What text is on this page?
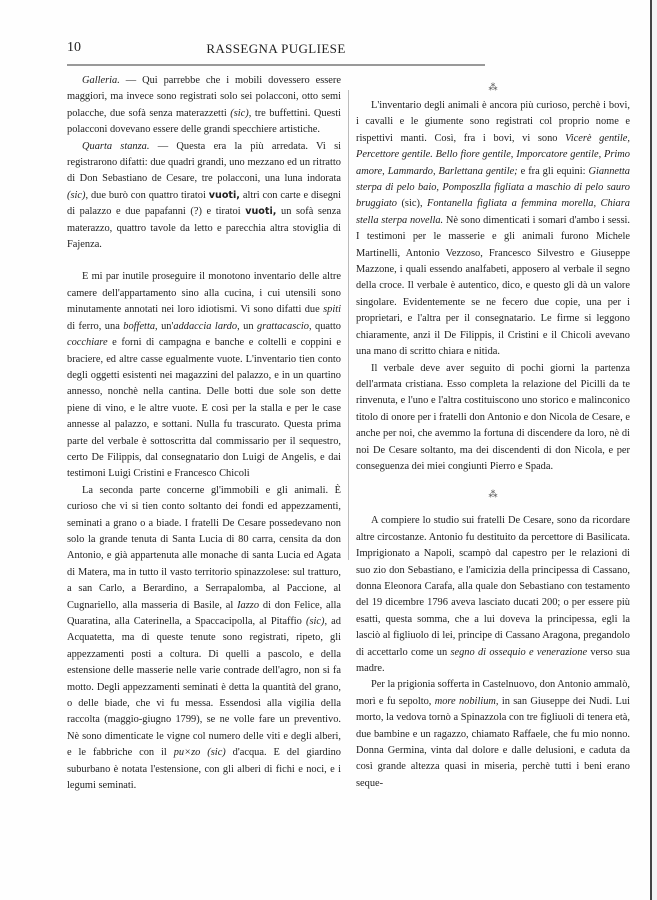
10	RASSEGNA PUGLIESE

Galleria. — Qui parrebbe che i mobili dovessero essere maggiori, ma invece sono registrati solo sei polacconi, otto semi polacche, due sofà senza materazzetti (sic), tre buffettini. Questi polacconi dovevano essere delle grandi specchiere artistiche.

Quarta stanza. — Questa era la più arredata. Vi si registrarono difatti: due quadri grandi, uno mezzano ed un ritratto di Don Sebastiano de Cesare, tre polacconi, una luna indorata (sic), due burò con quattro tiratoi vuoti, altri con carte e disegni di palazzo e due papafanni (?) e tiratoi vuoti, un sofà senza materazzo, quattro tavole da letto e parecchia altra stoviglia di Fajenza.

E mi par inutile proseguire il monotono inventario delle altre camere dell'appartamento sino alla cucina, i cui utensili sono minutamente annotati nei loro idiotismi. Vi sono difatti due spiti di ferro, una boffetta, un'addaccia lardo, un grattacascio, quatto cocchiare e forni di campagna e banche e coltelli e coppini e braciere, ed altre casse egualmente vuote. L'inventario tien conto degli oggetti esistenti nei magazzini del palazzo, e in un quartino annesso, nonchè nella cantina. Delle botti due sole son dette piene di vino, e le altre vuote. E così per la stalla e per le case annesse al palazzo, e sottani. Nulla fu trascurato. Questa prima parte del verbale è sottoscritta dal commissario per il sequestro, certo De Filippis, dal consegnatario don Luigi de Angelis, e dai testimoni Luigi Cristini e Francesco Chicoli

La seconda parte concerne gl'immobili e gli animali. È curioso che vi si tien conto soltanto dei fondi ed appezzamenti, seminati a grano o a biade. I fratelli De Cesare possedevano non solo la grande tenuta di Santa Lucia di 80 carra, censita da don Antonio, e già appartenuta alle monache di santa Lucia ed Agata di Matera, ma in tutto il vasto territorio spinazzolese: sul tratturo, a san Carlo, a Berardino, a Serrapalomba, al Paccione, al Cugnariello, alla masseria di Basile, al Iazzo di don Felice, alla Quaratina, alla Caterinella, a Spaccacipolla, al Pitaffio (sic), ad Acquatetta, ma di queste tenute sono registrati, ripeto, gli appezzamenti posti a coltura. Di quelli a pascolo, e della estensione delle masserie nelle varie contrade dell'agro, non si fa motto. Degli appezzamenti seminati è detta la quantità del grano, o delle biade, che vi fu messa. Essendosi alla vigilia della raccolta (maggio-giugno 1799), se ne volle fare un preventivo. Nè sono dimenticate le vigne col numero delle viti e degli alberi, e le fabbriche con il pu×zo (sic) d'acqua. E del giardino suburbano è notata l'estensione, con gli alberi di fichi e noci, e i legumi seminati.

⁂

L'inventario degli animali è ancora più curioso, perchè i bovi, i cavalli e le giumente sono registrati col proprio nome e rispettivi manti. Così, fra i bovi, vi sono Vicerè gentile, Percettore gentile. Bello fiore gentile, Imporcatore gentile, Primo amore, Lammardo, Barlettana gentile; e fra gli equini: Giannetta sterpa di pelo baio, Pomposzlla figliata a maschio di pelo sauro bruggiato (sic), Fontanella figliata a femmina morella, Chiara stella sterpa novella. Nè sono dimenticati i somari d'ambo i sessi. I testimoni per le masserie e gli animali furono Michele Martinelli, Antonio Vezzoso, Francesco Silvestro e Giuseppe Mazzone, i quali essendo analfabeti, apposero al verbale il segno della croce. Il verbale è autentico, dico, e questo gli dà un valore singolare. Evidentemente se ne fecero due copie, una per i proprietari, e l'altra per il consegnatario. Le firme si leggono chiaramente, anzi il De Filippis, il Cristini e il Chicoli avevano una mano di scritto chiara e nitida.

Il verbale deve aver seguito di pochi giorni la partenza dell'armata cristiana. Esso completa la relazione del Picilli da te rinvenuta, e l'uno e l'altra costituiscono uno storico e malinconico titolo di onore per i fratelli don Antonio e don Nicola de Cesare, e anche per noi, che avemmo la fortuna di discendere da loro, nè di noi De Cesare soltanto, ma dei discendenti di don Nicola, e per conseguenza dei miei congiunti Pierro e Spada.

⁂

A compiere lo studio sui fratelli De Cesare, sono da ricordare altre circostanze. Antonio fu destituito da percettore di Basilicata. Imprigionato a Napoli, scampò dal capestro per le relazioni di suo zio don Sebastiano, e l'amicizia della principessa di Cassano, donna Eleonora Carafa, alla quale don Sebastiano con testamento del 19 dicembre 1796 aveva lasciato ducati 200; o per essere più esatti, questa somma, che a lui doveva la principessa, egli la lasciò al figliuolo di lei, principe di Cassano Aragona, pregandolo di accettarlo come un segno di ossequio e venerazione verso sua madre.

Per la prigionia sofferta in Castelnuovo, don Antonio ammalò, morì e fu sepolto, more nobilium, in san Giuseppe dei Nudi. Lui morto, la vedova tornò a Spinazzola con tre figliuoli di tenera età, due bambine e un ragazzo, chiamato Raffaele, che fu mio nonno. Donna Germina, vinta dal dolore e dalle delusioni, e caduta da così grande altezza quasi in miseria, perchè tutti i beni erano seque-
